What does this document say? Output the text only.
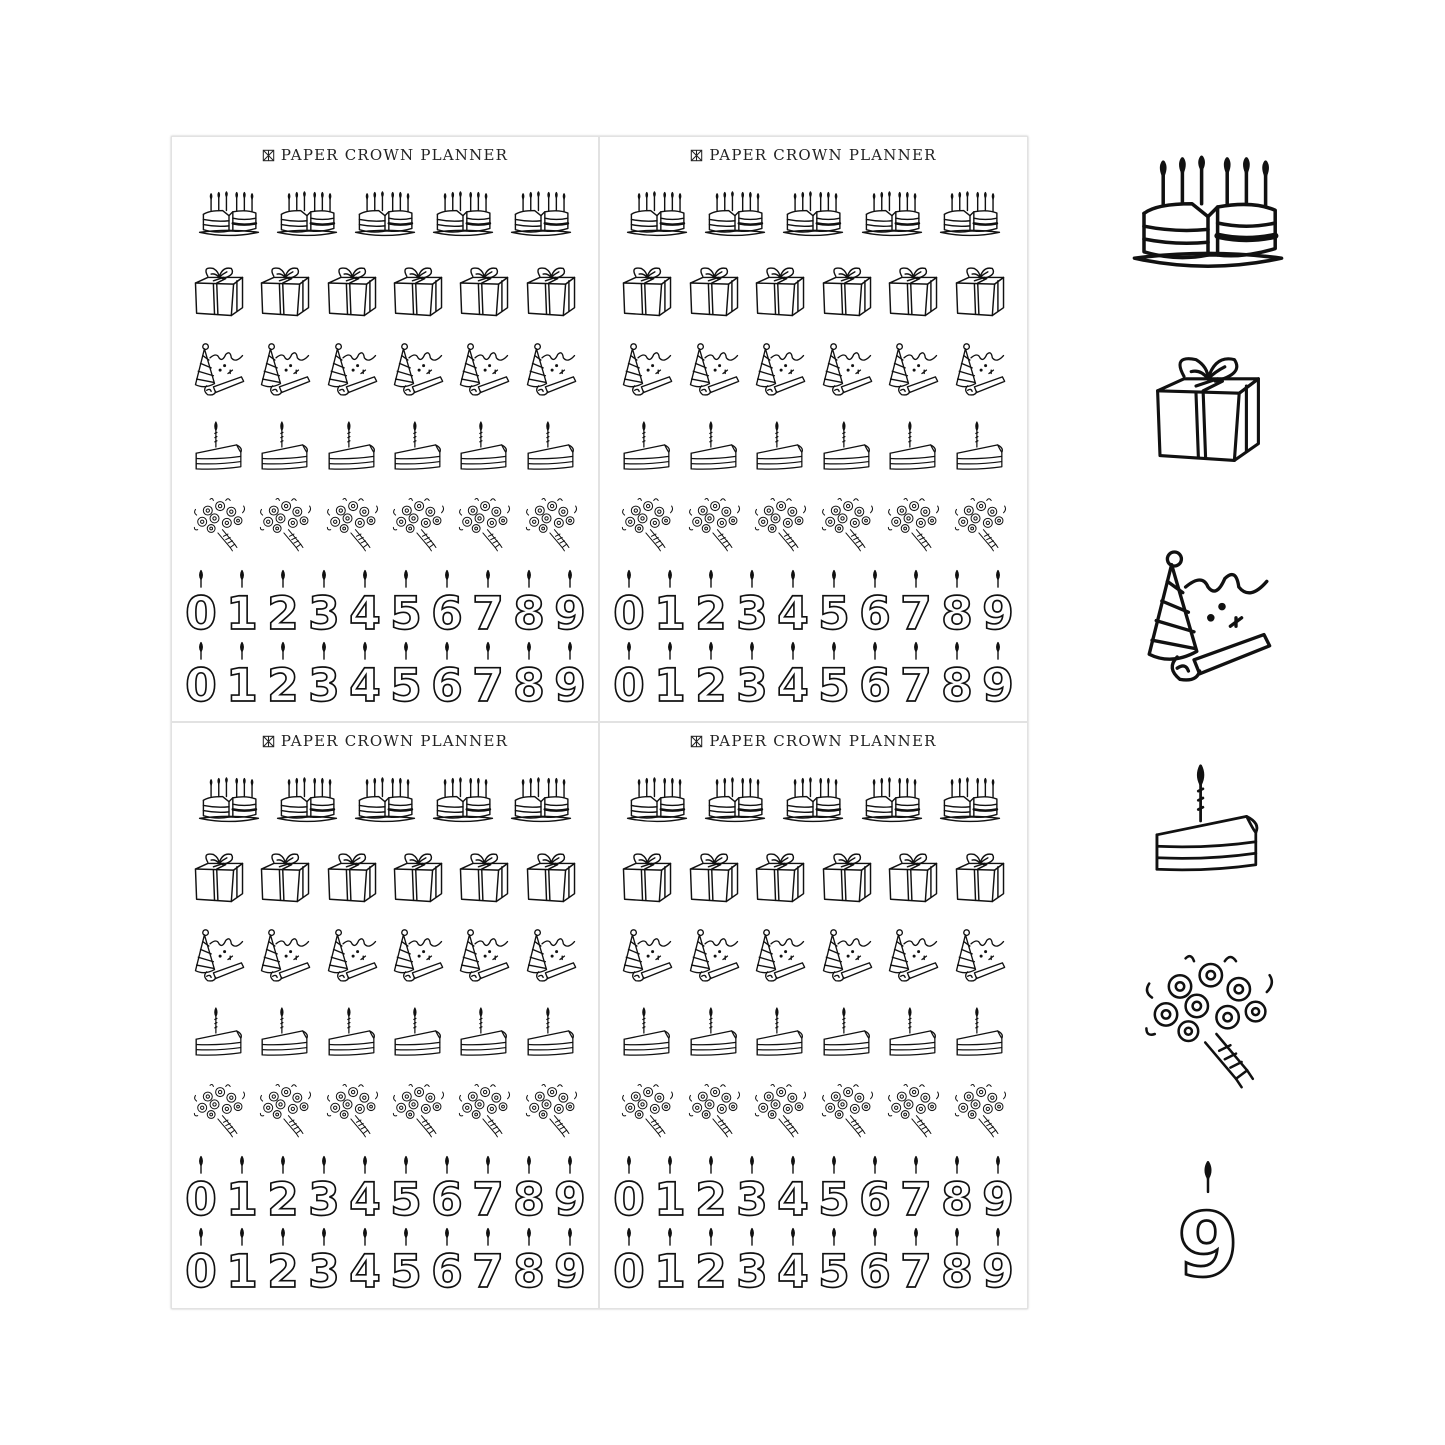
PAPER CROWN PLANNER
0 1 2 3 4 5 6 7 8 9
0 1 2 3 4 5 6 7 8 9
PAPER CROWN PLANNER
0 1 2 3 4 5 6 7 8 9
0 1 2 3 4 5 6 7 8 9
PAPER CROWN PLANNER
0 1 2 3 4 5 6 7 8 9
0 1 2 3 4 5 6 7 8 9
PAPER CROWN PLANNER
0 1 2 3 4 5 6 7 8 9
0 1 2 3 4 5 6 7 8 9 9
